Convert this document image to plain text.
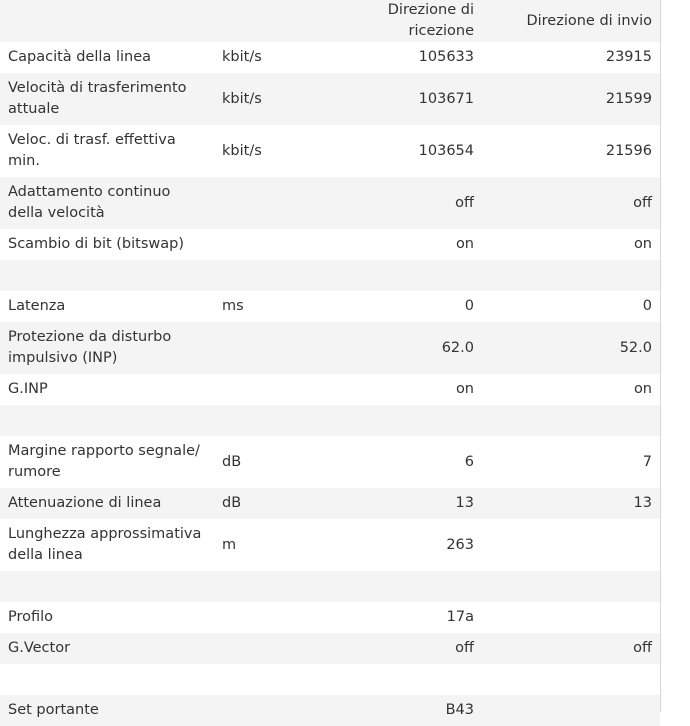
		Direzione di ricezione	Direzione di invio
Capacità della linea	kbit/s	105633	23915
Velocità di trasferimento attuale	kbit/s	103671	21599
Veloc. di trasf. effettiva min.	kbit/s	103654	21596
Adattamento continuo della velocità		off	off
Scambio di bit (bitswap)		on	on

Latenza	ms	0	0
Protezione da disturbo impulsivo (INP)		62.0	52.0
G.INP		on	on

Margine rapporto segnale/ rumore	dB	6	7
Attenuazione di linea	dB	13	13
Lunghezza approssimativa della linea	m	263	

Profilo		17a	
G.Vector		off	off

Set portante		B43	
